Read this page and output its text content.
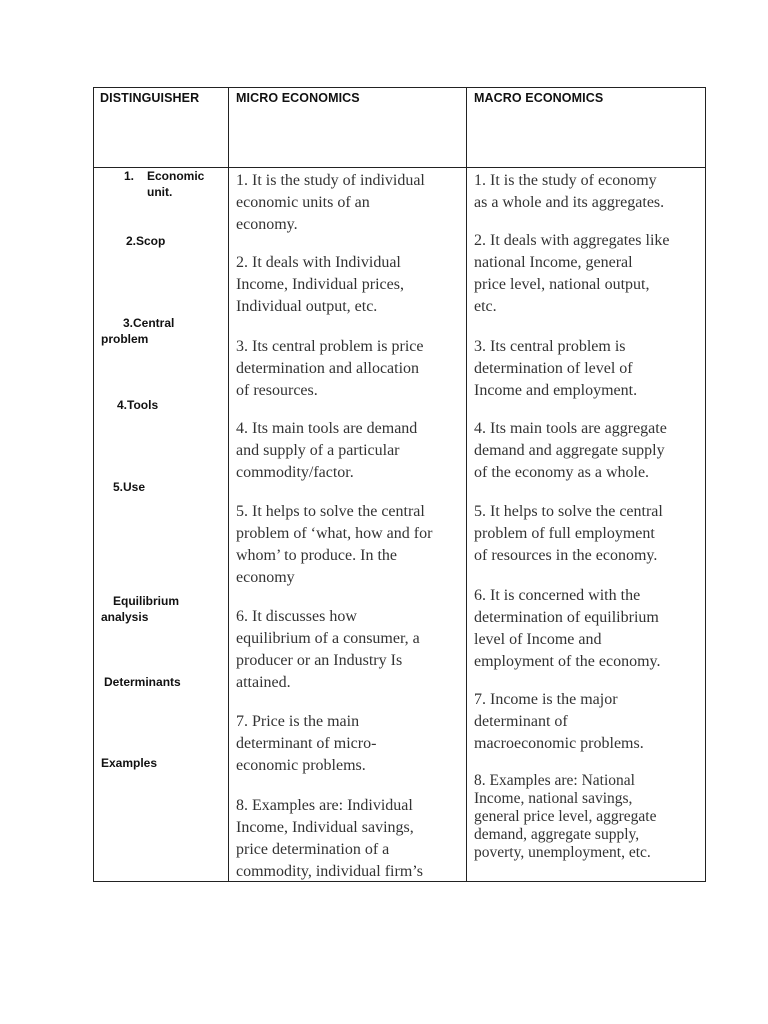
DISTINGUISHER	MICRO ECONOMICS	MACRO ECONOMICS
1. Economic
unit.
2.Scop
3.Central
problem
4.Tools
5.Use
Equilibrium
analysis
Determinants
Examples

1. It is the study of individual
economic units of an
economy.

2. It deals with Individual
Income, Individual prices,
Individual output, etc.

3. Its central problem is price
determination and allocation
of resources.

4. Its main tools are demand
and supply of a particular
commodity/factor.

5. It helps to solve the central
problem of ‘what, how and for
whom’ to produce. In the
economy

6. It discusses how
equilibrium of a consumer, a
producer or an Industry Is
attained.

7. Price is the main
determinant of micro-
economic problems.

8. Examples are: Individual
Income, Individual savings,
price determination of a
commodity, individual firm’s

1. It is the study of economy
as a whole and its aggregates.

2. It deals with aggregates like
national Income, general
price level, national output,
etc.

3. Its central problem is
determination of level of
Income and employment.

4. Its main tools are aggregate
demand and aggregate supply
of the economy as a whole.

5. It helps to solve the central
problem of full employment
of resources in the economy.

6. It is concerned with the
determination of equilibrium
level of Income and
employment of the economy.

7. Income is the major
determinant of
macroeconomic problems.

8. Examples are: National
Income, national savings,
general price level, aggregate
demand, aggregate supply,
poverty, unemployment, etc.
